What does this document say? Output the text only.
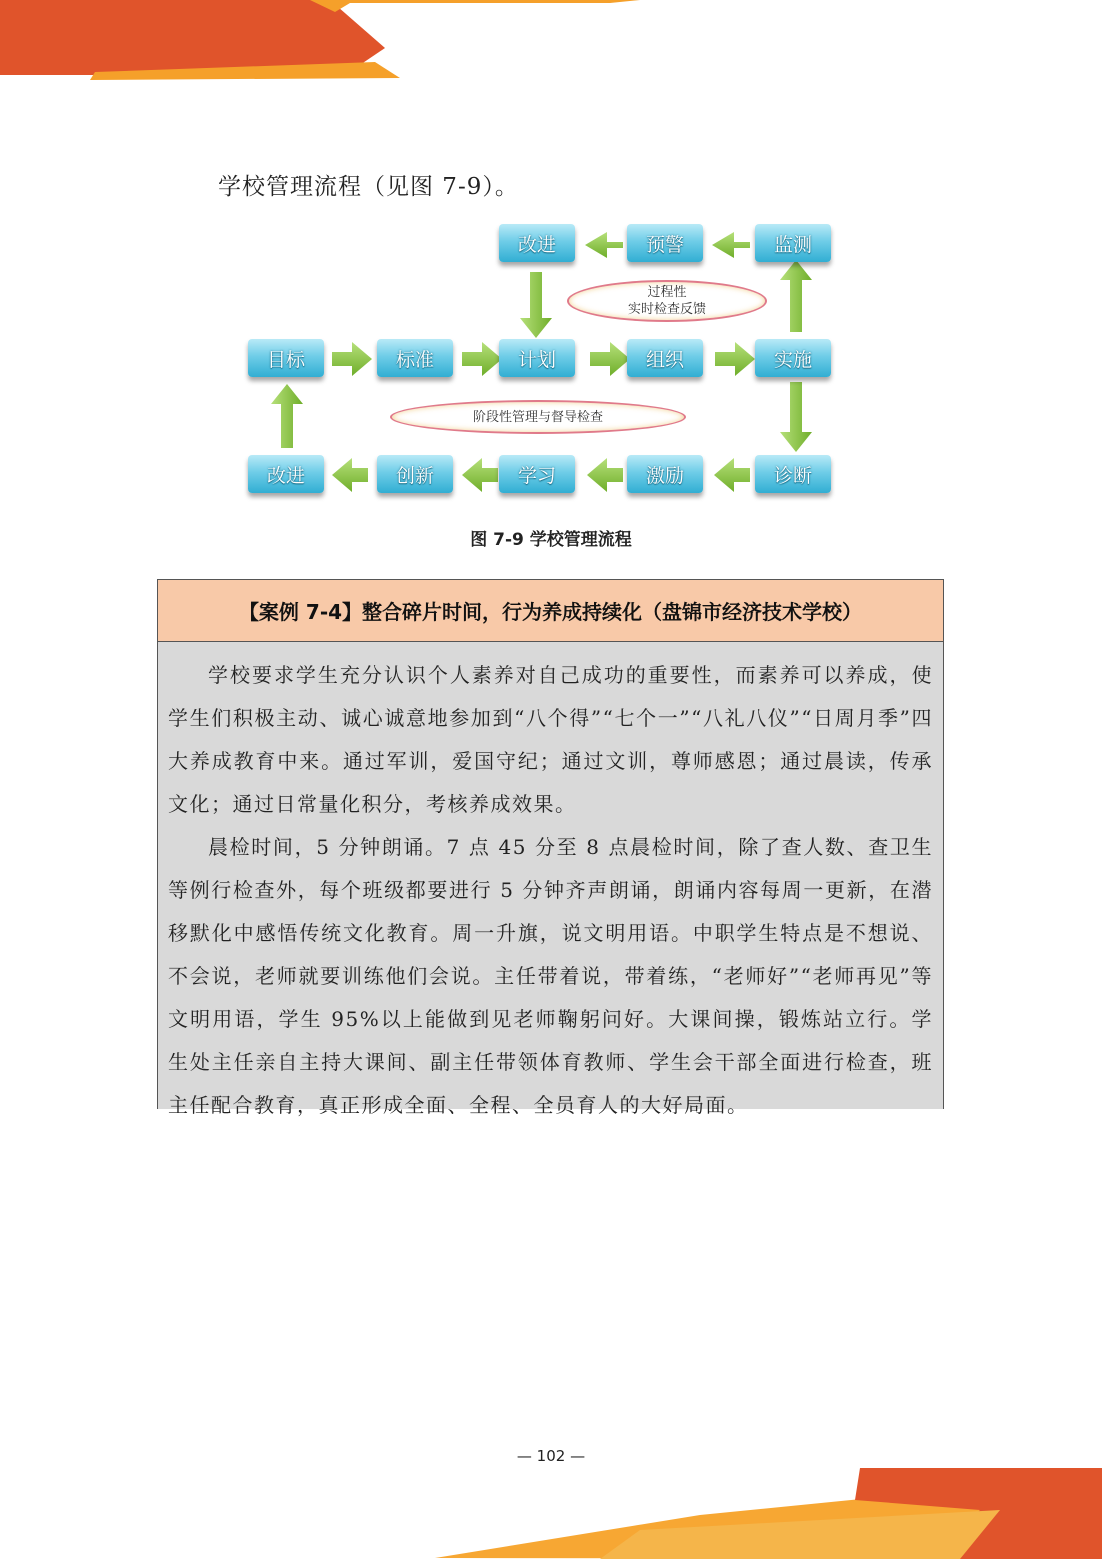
学校管理流程（见图 7-9）。
改进	预警	监测
目标	标准	计划	组织	实施
改进	创新	学习	激励	诊断
过程性
实时检查反馈
阶段性管理与督导检查
图 7-9 学校管理流程
【案例 7-4】整合碎片时间，行为养成持续化（盘锦市经济技术学校）

学校要求学生充分认识个人素养对自己成功的重要性，而素养可以养成，使学生们积极主动、诚心诚意地参加到“八个得”“七个一”“八礼八仪”“日周月季”四大养成教育中来。通过军训，爱国守纪；通过文训，尊师感恩；通过晨读，传承文化；通过日常量化积分，考核养成效果。

晨检时间，5 分钟朗诵。7 点 45 分至 8 点晨检时间，除了查人数、查卫生等例行检查外，每个班级都要进行 5 分钟齐声朗诵，朗诵内容每周一更新，在潜移默化中感悟传统文化教育。周一升旗，说文明用语。中职学生特点是不想说、不会说，老师就要训练他们会说。主任带着说，带着练，“老师好”“老师再见”等文明用语，学生 95%以上能做到见老师鞠躬问好。大课间操，锻炼站立行。学生处主任亲自主持大课间、副主任带领体育教师、学生会干部全面进行检查，班主任配合教育，真正形成全面、全程、全员育人的大好局面。

— 102 —
